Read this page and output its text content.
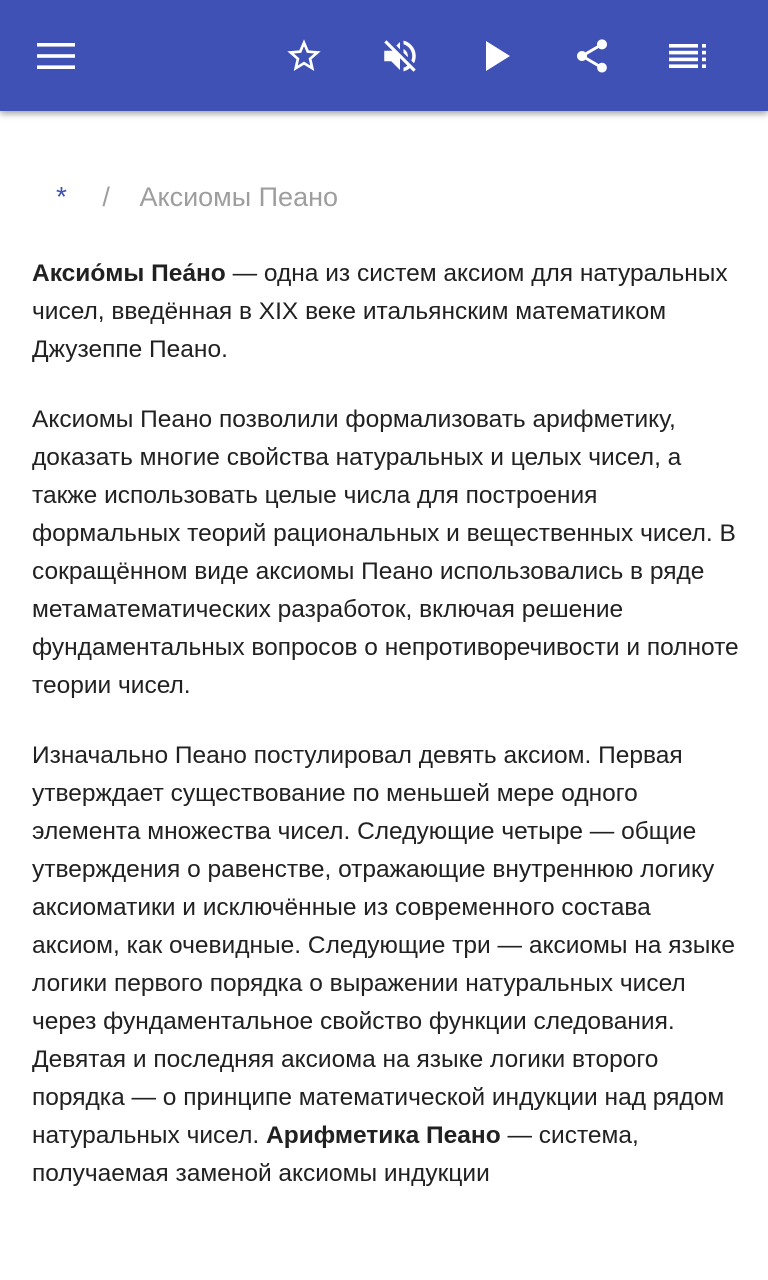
* / Аксиомы Пеано

Аксио́мы Пеа́но — одна из систем аксиом для натуральных чисел, введённая в XIX веке итальянским математиком Джузеппе Пеано.

Аксиомы Пеано позволили формализовать арифметику, доказать многие свойства натуральных и целых чисел, а также использовать целые числа для построения формальных теорий рациональных и вещественных чисел. В сокращённом виде аксиомы Пеано использовались в ряде метаматематических разработок, включая решение фундаментальных вопросов о непротиворечивости и полноте теории чисел.

Изначально Пеано постулировал девять аксиом. Первая утверждает существование по меньшей мере одного элемента множества чисел. Следующие четыре — общие утверждения о равенстве, отражающие внутреннюю логику аксиоматики и исключённые из современного состава аксиом, как очевидные. Следующие три — аксиомы на языке логики первого порядка о выражении натуральных чисел через фундаментальное свойство функции следования. Девятая и последняя аксиома на языке логики второго порядка — о принципе математической индукции над рядом натуральных чисел. Арифметика Пеано — система, получаемая заменой аксиомы индукции
